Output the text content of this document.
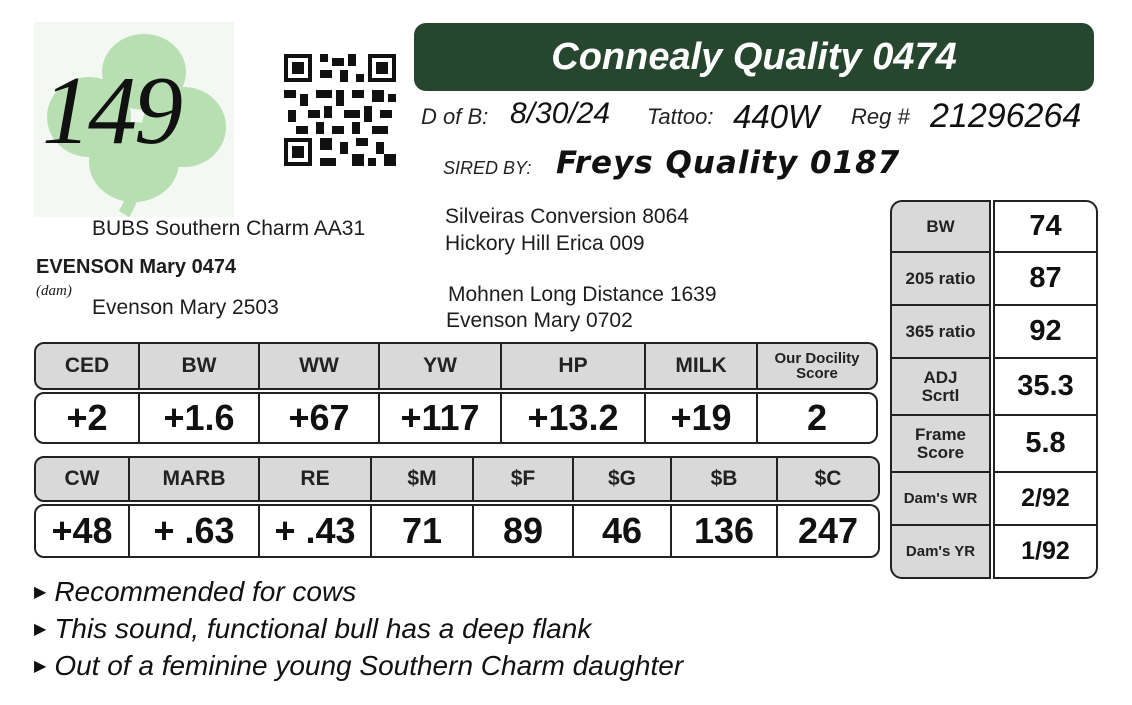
149
Connealy Quality 0474
D of B: 8/30/24 Tattoo: 440W Reg # 21296264
SIRED BY: Freys Quality 0187
BUBS Southern Charm AA31
EVENSON Mary 0474
(dam)
Evenson Mary 2503
Silveiras Conversion 8064
Hickory Hill Erica 009
Mohnen Long Distance 1639
Evenson Mary 0702
CED	BW	WW	YW	HP	MILK	Our Docility Score
+2	+1.6	+67	+117	+13.2	+19	2
CW	MARB	RE	$M	$F	$G	$B	$C
+48	+ .63	+ .43	71	89	46	136	247
BW	74
205 ratio	87
365 ratio	92
ADJ Scrtl	35.3
Frame Score	5.8
Dam's WR	2/92
Dam's YR	1/92
▶ Recommended for cows
▶ This sound, functional bull has a deep flank
▶ Out of a feminine young Southern Charm daughter
